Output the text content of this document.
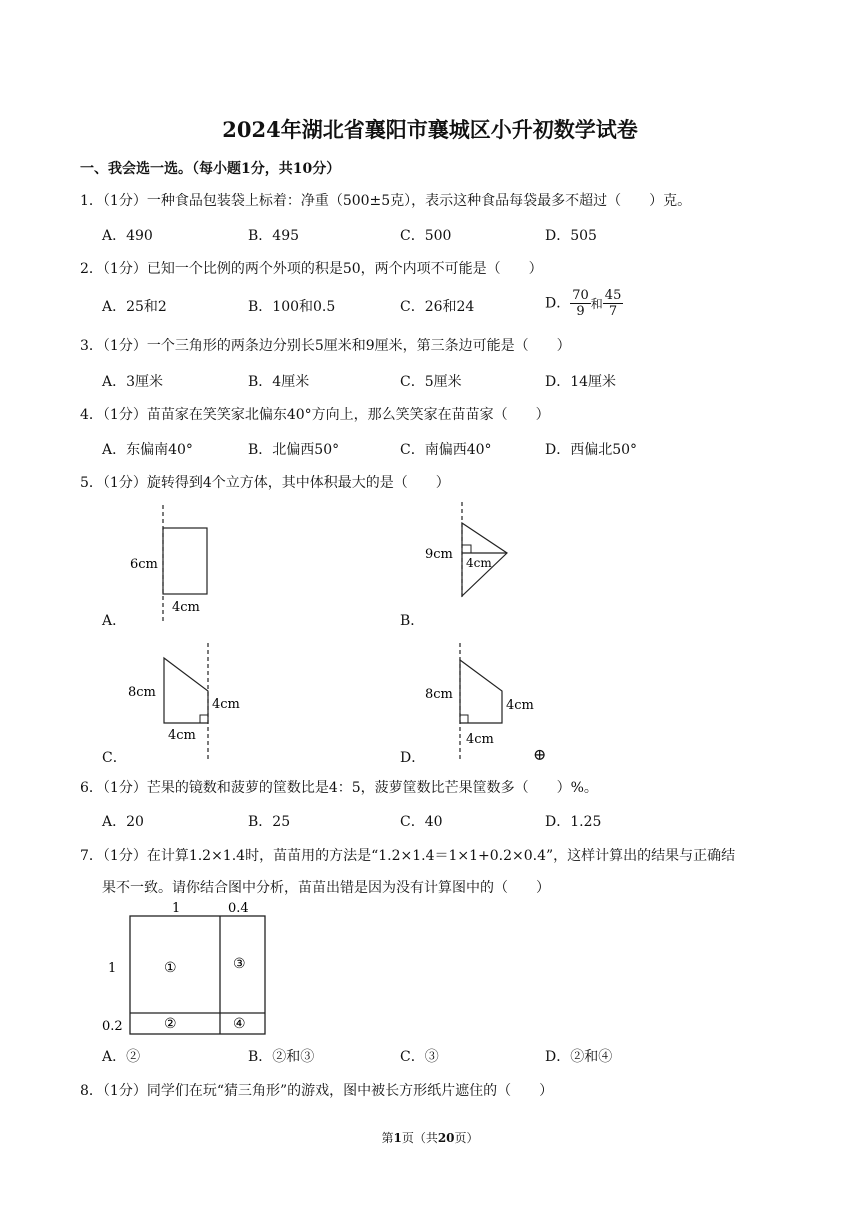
2024年湖北省襄阳市襄城区小升初数学试卷
一、我会选一选。（每小题1分，共10分）
1．（1分）一种食品包装袋上标着：净重（500±5克），表示这种食品每袋最多不超过（　　）克。
A．490	B．495	C．500	D．505
2．（1分）已知一个比例的两个外项的积是50，两个内项不可能是（　　）
A．25和2	B．100和0.5	C．26和24	D． $\frac{70}{9}$ 和 $\frac{45}{7}$
3．（1分）一个三角形的两条边分别长5厘米和9厘米，第三条边可能是（　　）
A．3厘米	B．4厘米	C．5厘米	D．14厘米
4．（1分）苗苗家在笑笑家北偏东40°方向上，那么笑笑家在苗苗家（　　）
A．东偏南40°	B．北偏西50°	C．南偏西40°	D．西偏北50°
5．（1分）旋转得到4个立方体，其中体积最大的是（　　）
6cm
4cm
A．
9cm
4cm
B．
8cm
4cm
4cm
C．
8cm
4cm
4cm
D．	⊕
6．（1分）芒果的镜数和菠萝的筐数比是4：5，菠萝筐数比芒果筐数多（　　）%。
A．20	B．25	C．40	D．1.25
7．（1分）在计算1.2×1.4时，苗苗用的方法是“1.2×1.4＝1×1+0.2×0.4”，这样计算出的结果与正确结
果不一致。请你结合图中分析，苗苗出错是因为没有计算图中的（　　）
1	0.4
1
0.2
①
②
③
④
A．②	B．②和③	C．③	D．②和④
8．（1分）同学们在玩“猜三角形”的游戏，图中被长方形纸片遮住的（　　）
第1页（共20页）
